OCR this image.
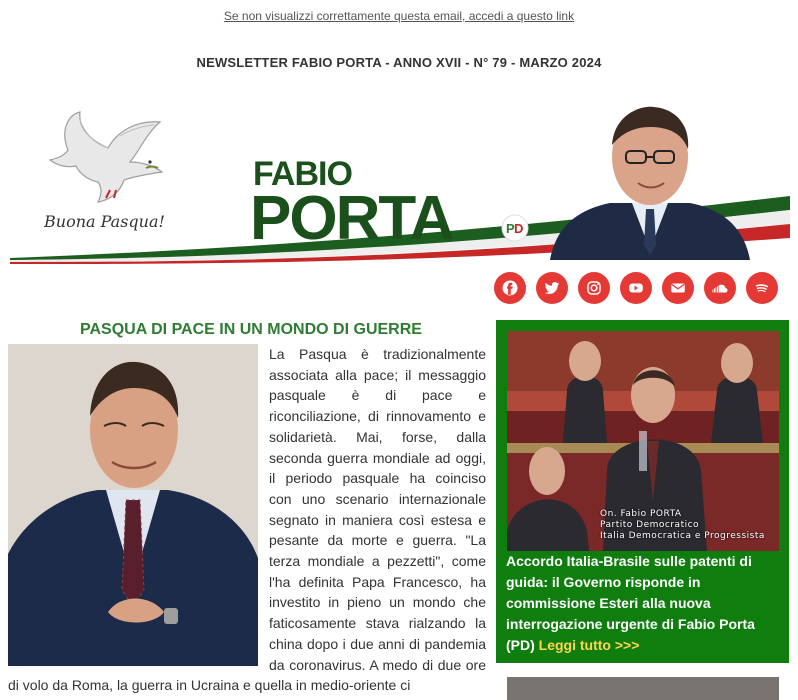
Se non visualizzi correttamente questa email, accedi a questo link
NEWSLETTER FABIO PORTA - ANNO XVII - N° 79 - MARZO 2024
P D
Buona Pasqua!
FABIO
PORTA
PASQUA DI PACE IN UN MONDO DI GUERRE
La Pasqua è tradizionalmente associata alla pace; il messaggio pasquale è di pace e riconciliazione, di rinnovamento e solidarietà. Mai, forse, dalla seconda guerra mondiale ad oggi, il periodo pasquale ha coinciso con uno scenario internazionale segnato in maniera così estesa e pesante da morte e guerra. "La terza mondiale a pezzetti", come l'ha definita Papa Francesco, ha investito in pieno un mondo che faticosamente stava rialzando la china dopo i due anni di pandemia da coronavirus. A medo di due ore di volo da Roma, la guerra in Ucraina e quella in medio-oriente ci
On. Fabio PORTA
Partito Democratico
Italia Democratica e Progressista
Accordo Italia-Brasile sulle patenti di guida: il Governo risponde in commissione Esteri alla nuova interrogazione urgente di Fabio Porta (PD) Leggi tutto >>>
